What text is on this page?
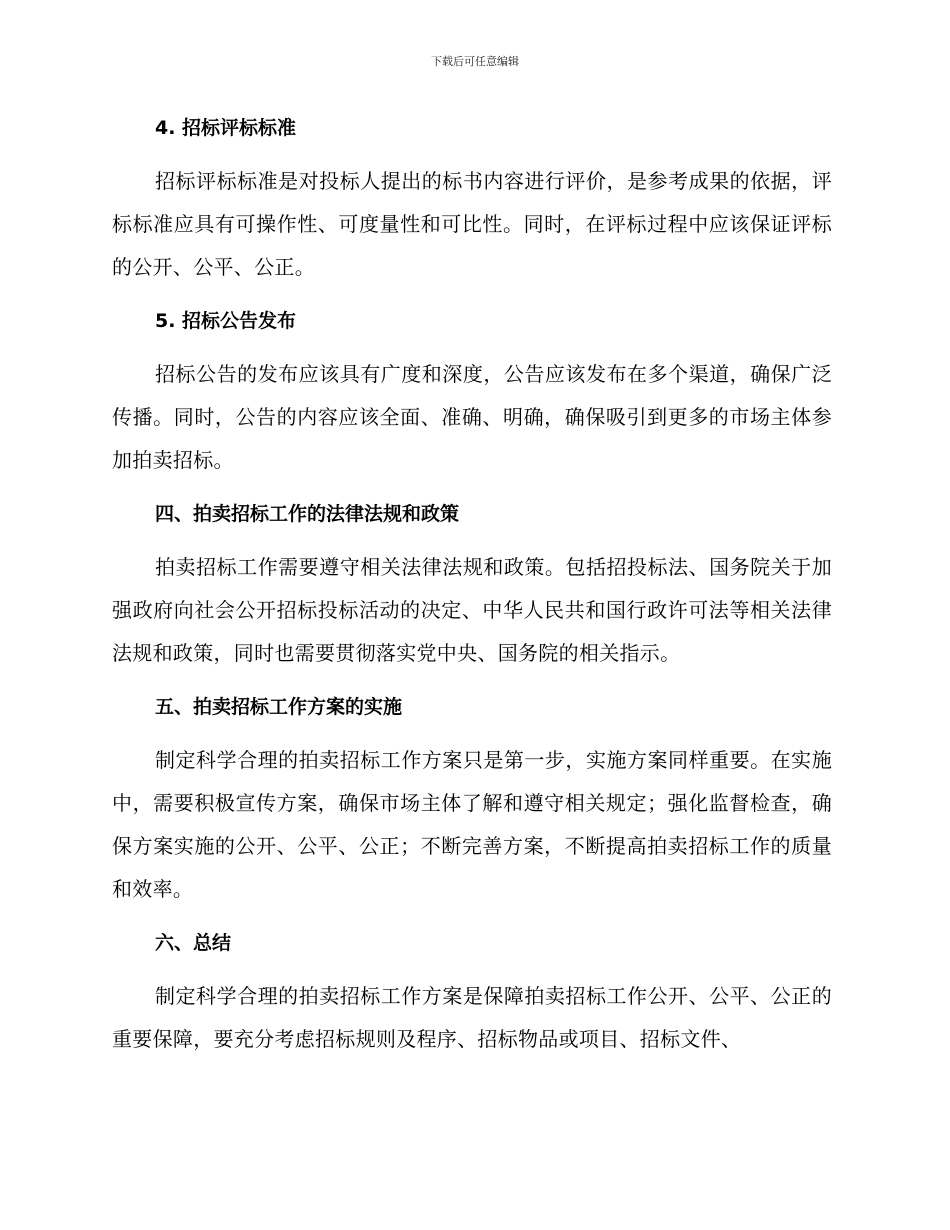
下载后可任意编辑
4. 招标评标标准

招标评标标准是对投标人提出的标书内容进行评价，是参考成果的依据，评标标准应具有可操作性、可度量性和可比性。同时，在评标过程中应该保证评标的公开、公平、公正。

5. 招标公告发布

招标公告的发布应该具有广度和深度，公告应该发布在多个渠道，确保广泛传播。同时，公告的内容应该全面、准确、明确，确保吸引到更多的市场主体参加拍卖招标。

四、拍卖招标工作的法律法规和政策

拍卖招标工作需要遵守相关法律法规和政策。包括招投标法、国务院关于加强政府向社会公开招标投标活动的决定、中华人民共和国行政许可法等相关法律法规和政策，同时也需要贯彻落实党中央、国务院的相关指示。

五、拍卖招标工作方案的实施

制定科学合理的拍卖招标工作方案只是第一步，实施方案同样重要。在实施中，需要积极宣传方案，确保市场主体了解和遵守相关规定；强化监督检查，确保方案实施的公开、公平、公正；不断完善方案，不断提高拍卖招标工作的质量和效率。

六、总结

制定科学合理的拍卖招标工作方案是保障拍卖招标工作公开、公平、公正的重要保障，要充分考虑招标规则及程序、招标物品或项目、招标文件、
